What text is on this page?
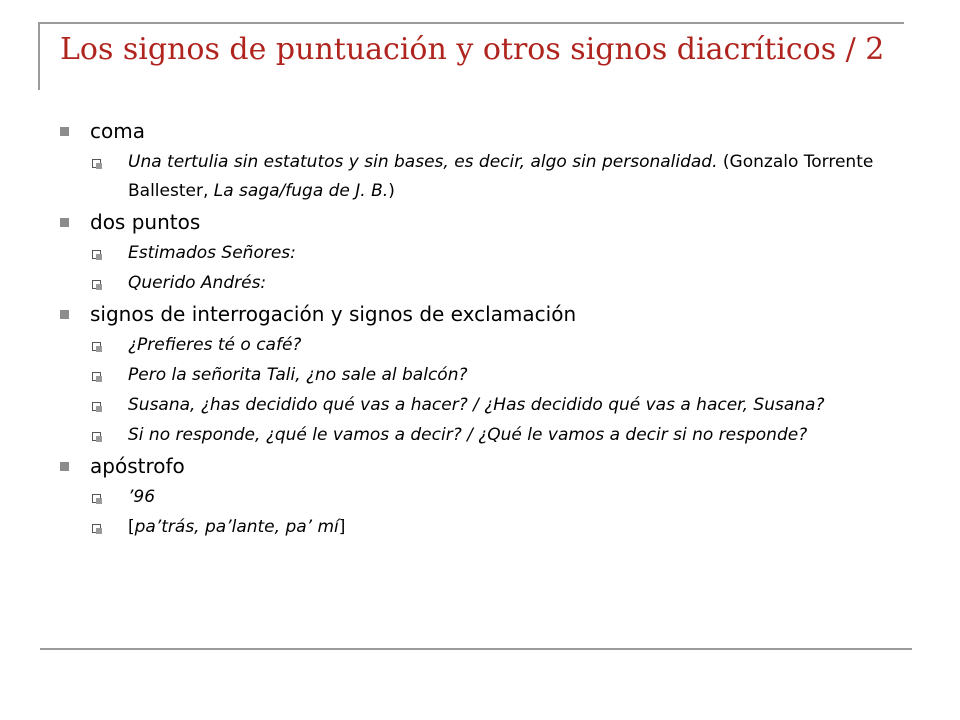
Los signos de puntuación y otros signos diacríticos / 2
coma
Una tertulia sin estatutos y sin bases, es decir, algo sin personalidad. (Gonzalo Torrente Ballester, La saga/fuga de J. B.)
dos puntos
Estimados Señores:
Querido Andrés:
signos de interrogación y signos de exclamación
¿Prefieres té o café?
Pero la señorita Tali, ¿no sale al balcón?
Susana, ¿has decidido qué vas a hacer? / ¿Has decidido qué vas a hacer, Susana?
Si no responde, ¿qué le vamos a decir? / ¿Qué le vamos a decir si no responde?
apóstrofo
’96
[pa’trás, pa’lante, pa’ mí]
